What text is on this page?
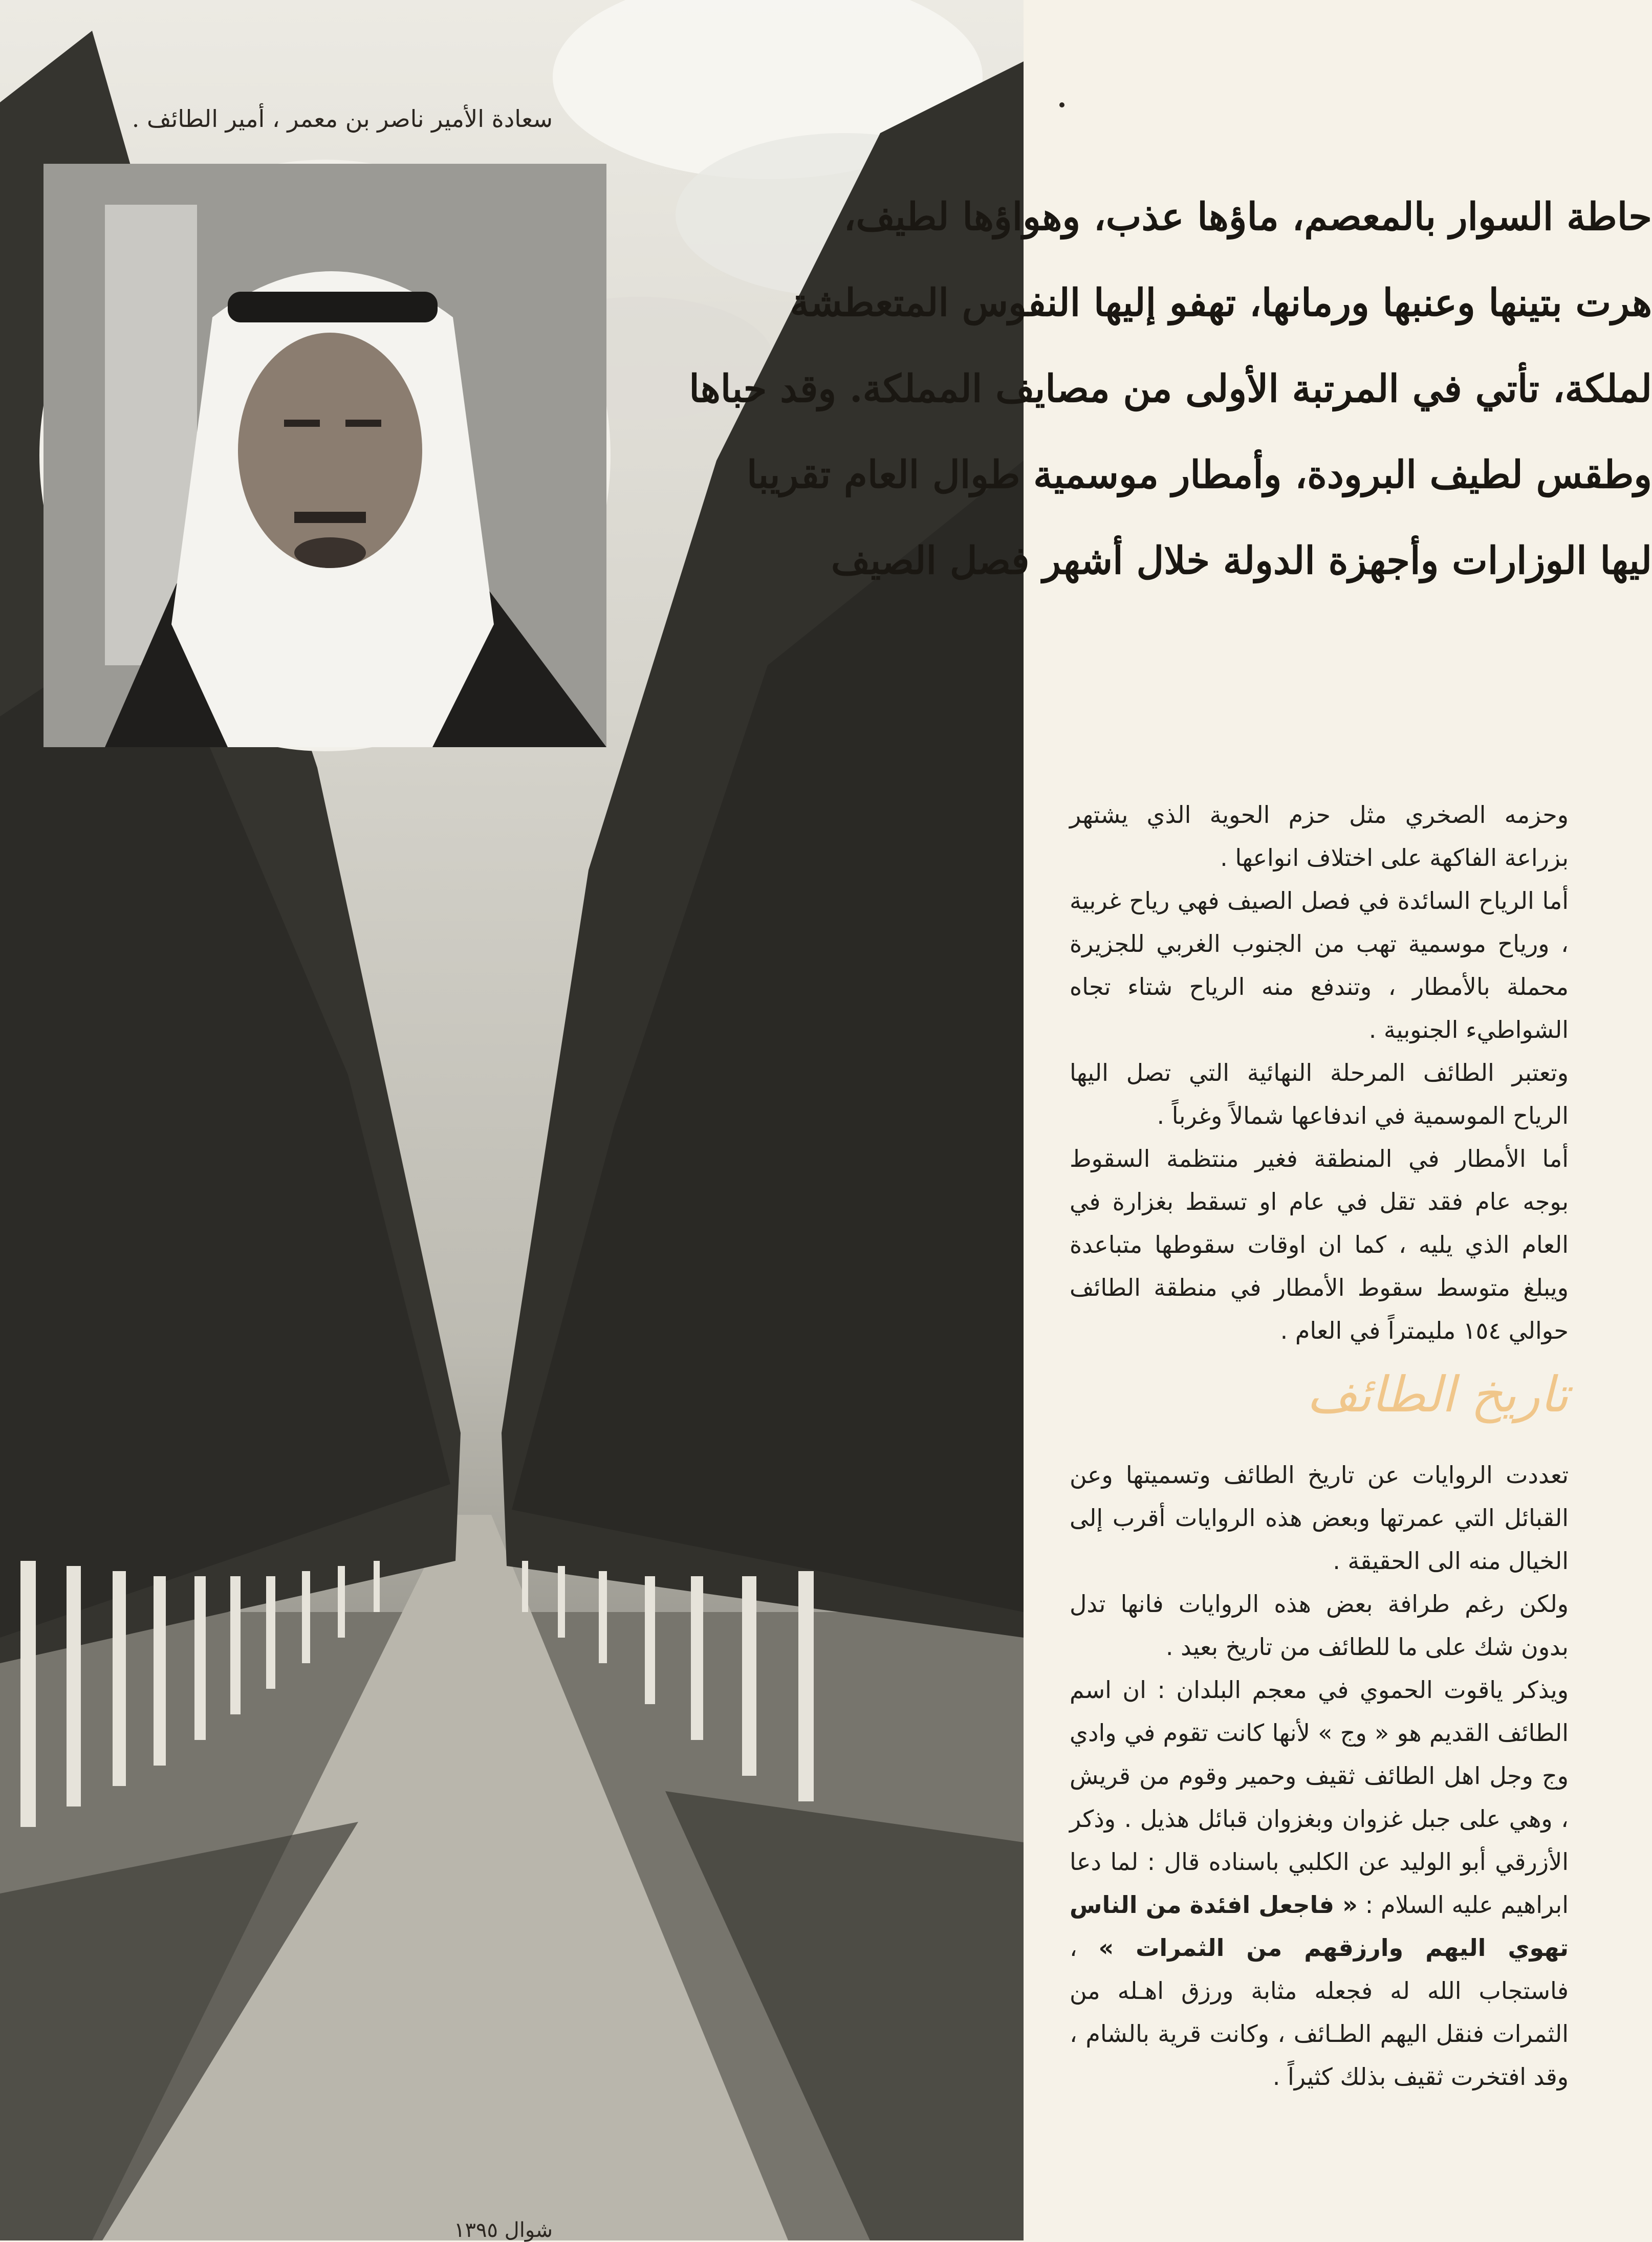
سعادة الأمير ناصر بن معمر ، أمير الطائف .
حاطة السوار بالمعصم، ماؤها عذب، وهواؤها لطيف،
هرت بتينها وعنبها ورمانها، تهفو إليها النفوس المتعطشة
لملكة، تأتي في المرتبة الأولى من مصايف المملكة. وقد حباها
وطقس لطيف البرودة، وأمطار موسمية طوال العام تقريبا
ليها الوزارات وأجهزة الدولة خلال أشهر فصل الصيف

وحزمه الصخري مثل حزم الحوية الذي يشتهر بزراعة الفاكهة على اختلاف انواعها .

أما الرياح السائدة في فصل الصيف فهي رياح غربية ، ورياح موسمية تهب من الجنوب الغربي للجزيرة محملة بالأمطار ، وتندفع منه الرياح شتاء تجاه الشواطيء الجنوبية .

وتعتبر الطائف المرحلة النهائية التي تصل اليها الرياح الموسمية في اندفاعها شمالاً وغرباً .

أما الأمطار في المنطقة فغير منتظمة السقوط بوجه عام فقد تقل في عام او تسقط بغزارة في العام الذي يليه ، كما ان اوقات سقوطها متباعدة ويبلغ متوسط سقوط الأمطار في منطقة الطائف حوالي ١٥٤ مليمتراً في العام .

تاريخ الطائف

تعددت الروايات عن تاريخ الطائف وتسميتها وعن القبائل التي عمرتها وبعض هذه الروايات أقرب إلى الخيال منه الى الحقيقة .

ولكن رغم طرافة بعض هذه الروايات فانها تدل بدون شك على ما للطائف من تاريخ بعيد .

ويذكر ياقوت الحموي في معجم البلدان : ان اسم الطائف القديم هو « وج » لأنها كانت تقوم في وادي وج وجل اهل الطائف ثقيف وحمير وقوم من قريش ، وهي على جبل غزوان وبغزوان قبائل هذيل . وذكر الأزرقي أبو الوليد عن الكلبي باسناده قال : لما دعا ابراهيم عليه السلام : « فاجعل افئدة من الناس تهوي اليهم وارزقهم من الثمرات » ، فاستجاب الله له فجعله مثابة ورزق اهـله من الثمرات فنقل اليهم الطـائف ، وكانت قرية بالشام ، وقد افتخرت ثقيف بذلك كثيراً .

شوال ١٣٩٥
